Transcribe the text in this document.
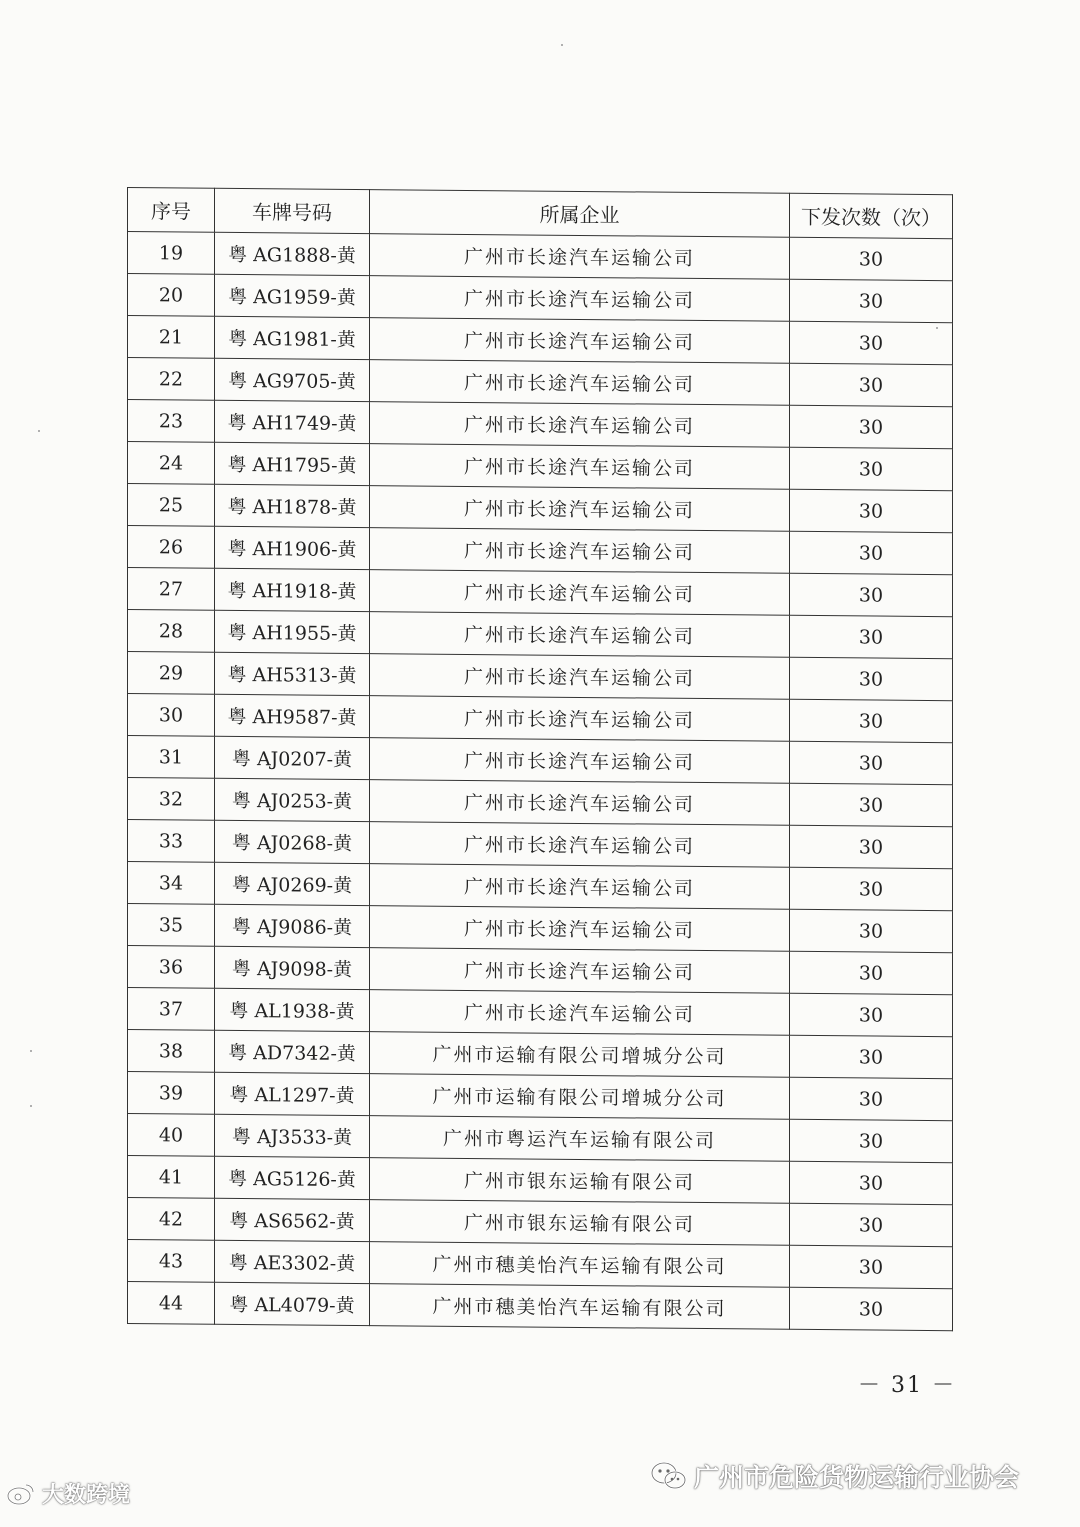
序号	车牌号码	所属企业	下发次数（次）
19	粤 AG1888-黄	广州市长途汽车运输公司	30
20	粤 AG1959-黄	广州市长途汽车运输公司	30
21	粤 AG1981-黄	广州市长途汽车运输公司	30
22	粤 AG9705-黄	广州市长途汽车运输公司	30
23	粤 AH1749-黄	广州市长途汽车运输公司	30
24	粤 AH1795-黄	广州市长途汽车运输公司	30
25	粤 AH1878-黄	广州市长途汽车运输公司	30
26	粤 AH1906-黄	广州市长途汽车运输公司	30
27	粤 AH1918-黄	广州市长途汽车运输公司	30
28	粤 AH1955-黄	广州市长途汽车运输公司	30
29	粤 AH5313-黄	广州市长途汽车运输公司	30
30	粤 AH9587-黄	广州市长途汽车运输公司	30
31	粤 AJ0207-黄	广州市长途汽车运输公司	30
32	粤 AJ0253-黄	广州市长途汽车运输公司	30
33	粤 AJ0268-黄	广州市长途汽车运输公司	30
34	粤 AJ0269-黄	广州市长途汽车运输公司	30
35	粤 AJ9086-黄	广州市长途汽车运输公司	30
36	粤 AJ9098-黄	广州市长途汽车运输公司	30
37	粤 AL1938-黄	广州市长途汽车运输公司	30
38	粤 AD7342-黄	广州市运输有限公司增城分公司	30
39	粤 AL1297-黄	广州市运输有限公司增城分公司	30
40	粤 AJ3533-黄	广州市粤运汽车运输有限公司	30
41	粤 AG5126-黄	广州市银东运输有限公司	30
42	粤 AS6562-黄	广州市银东运输有限公司	30
43	粤 AE3302-黄	广州市穗美怡汽车运输有限公司	30
44	粤 AL4079-黄	广州市穗美怡汽车运输有限公司	30
－ 31 －
大数跨境
广州市危险货物运输行业协会
